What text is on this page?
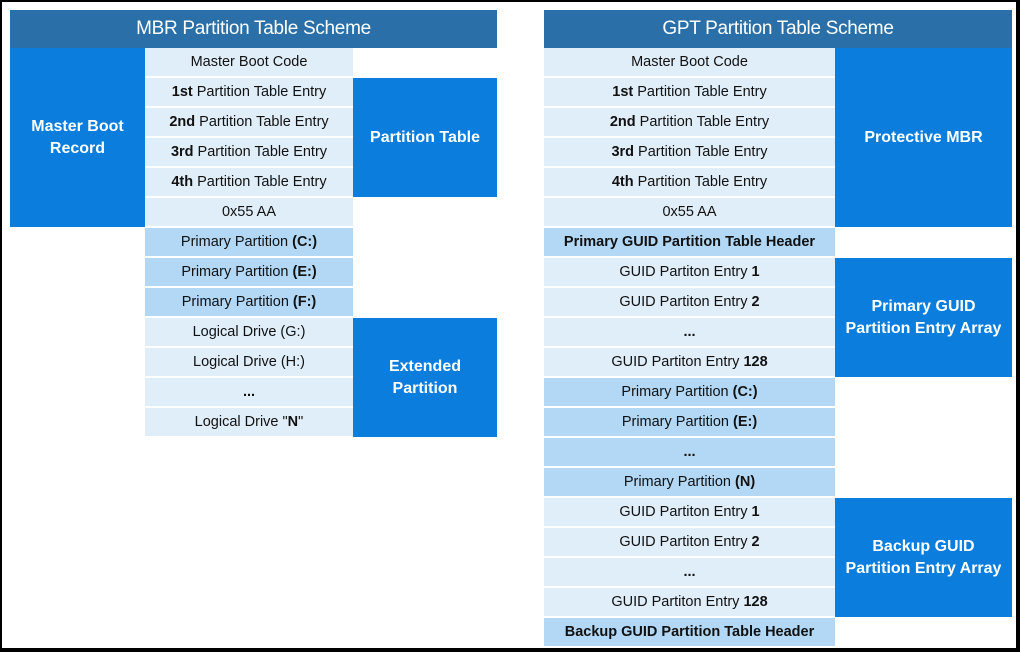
MBR Partition Table Scheme
Master Boot
Record
Partition Table
Extended
Partition
Master Boot Code
1st Partition Table Entry
2nd Partition Table Entry
3rd Partition Table Entry
4th Partition Table Entry
0x55 AA
Primary Partition (C:)
Primary Partition (E:)
Primary Partition (F:)
Logical Drive (G:)
Logical Drive (H:)
...
Logical Drive " N "
GPT Partition Table Scheme
Protective MBR
Primary GUID
Partition Entry Array
Backup GUID
Partition Entry Array
Master Boot Code
1st Partition Table Entry
2nd Partition Table Entry
3rd Partition Table Entry
4th Partition Table Entry
0x55 AA
Primary GUID Partition Table Header
GUID Partiton Entry 1
GUID Partiton Entry 2
...
GUID Partiton Entry 128
Primary Partition (C:)
Primary Partition (E:)
...
Primary Partition (N)
GUID Partiton Entry 1
GUID Partiton Entry 2
...
GUID Partiton Entry 128
Backup GUID Partition Table Header
